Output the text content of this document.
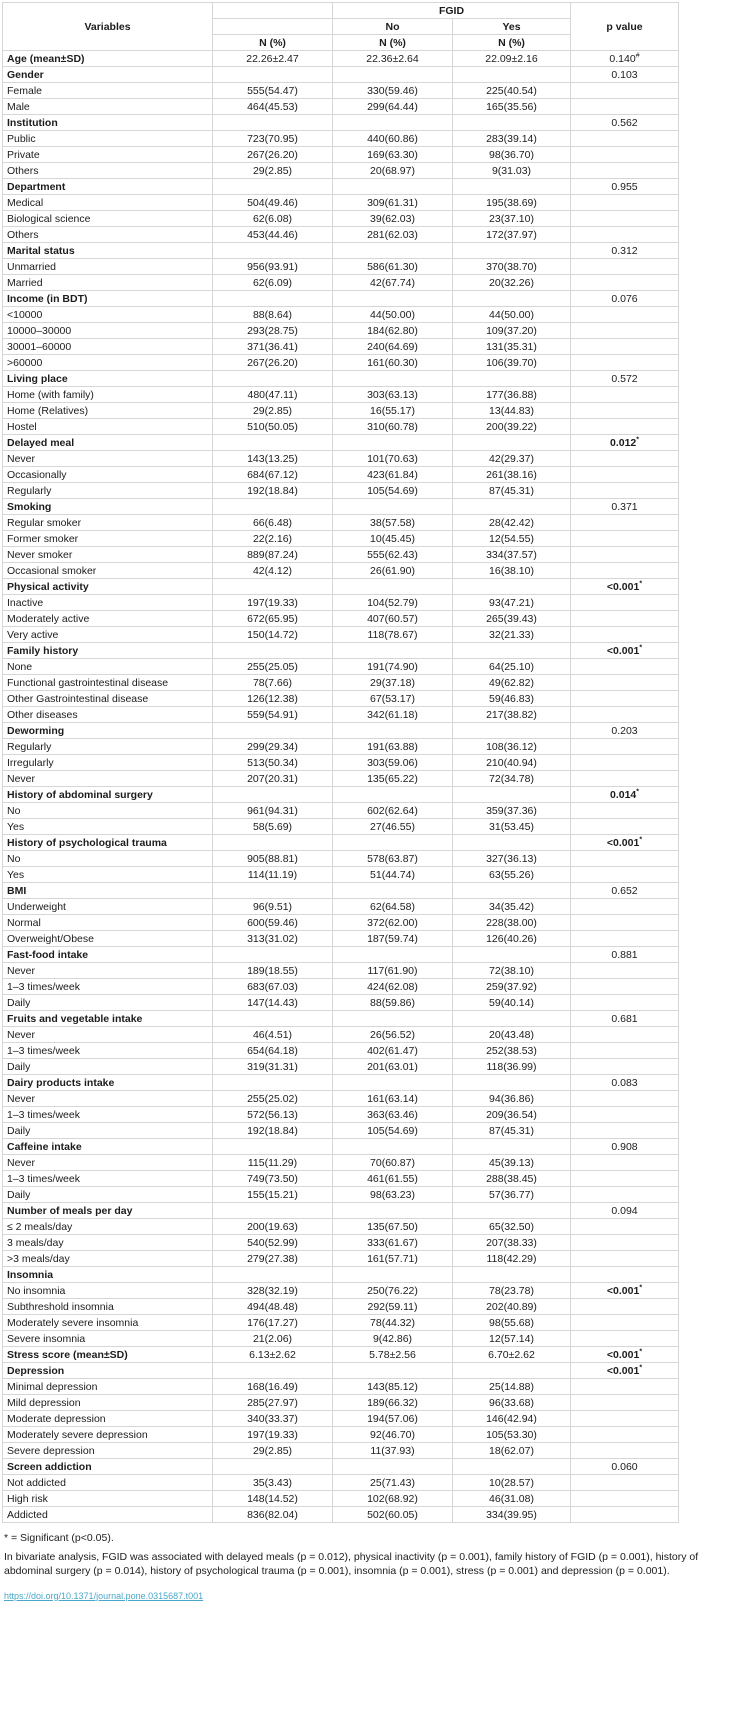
Variables		FGID		p value
		No	Yes	
	N (%)	N (%)	N (%)	
Age (mean±SD)	22.26±2.47	22.36±2.64	22.09±2.16	0.140#
Gender				0.103
Female	555(54.47)	330(59.46)	225(40.54)	
Male	464(45.53)	299(64.44)	165(35.56)	
Institution				0.562
Public	723(70.95)	440(60.86)	283(39.14)	
Private	267(26.20)	169(63.30)	98(36.70)	
Others	29(2.85)	20(68.97)	9(31.03)	
Department				0.955
Medical	504(49.46)	309(61.31)	195(38.69)	
Biological science	62(6.08)	39(62.03)	23(37.10)	
Others	453(44.46)	281(62.03)	172(37.97)	
Marital status				0.312
Unmarried	956(93.91)	586(61.30)	370(38.70)	
Married	62(6.09)	42(67.74)	20(32.26)	
Income (in BDT)				0.076
<10000	88(8.64)	44(50.00)	44(50.00)	
10000–30000	293(28.75)	184(62.80)	109(37.20)	
30001–60000	371(36.41)	240(64.69)	131(35.31)	
>60000	267(26.20)	161(60.30)	106(39.70)	
Living place				0.572
Home (with family)	480(47.11)	303(63.13)	177(36.88)	
Home (Relatives)	29(2.85)	16(55.17)	13(44.83)	
Hostel	510(50.05)	310(60.78)	200(39.22)	
Delayed meal				0.012*
Never	143(13.25)	101(70.63)	42(29.37)	
Occasionally	684(67.12)	423(61.84)	261(38.16)	
Regularly	192(18.84)	105(54.69)	87(45.31)	
Smoking				0.371
Regular smoker	66(6.48)	38(57.58)	28(42.42)	
Former smoker	22(2.16)	10(45.45)	12(54.55)	
Never smoker	889(87.24)	555(62.43)	334(37.57)	
Occasional smoker	42(4.12)	26(61.90)	16(38.10)	
Physical activity				<0.001*
Inactive	197(19.33)	104(52.79)	93(47.21)	
Moderately active	672(65.95)	407(60.57)	265(39.43)	
Very active	150(14.72)	118(78.67)	32(21.33)	
Family history				<0.001*
None	255(25.05)	191(74.90)	64(25.10)	
Functional gastrointestinal disease	78(7.66)	29(37.18)	49(62.82)	
Other Gastrointestinal disease	126(12.38)	67(53.17)	59(46.83)	
Other diseases	559(54.91)	342(61.18)	217(38.82)	
Deworming				0.203
Regularly	299(29.34)	191(63.88)	108(36.12)	
Irregularly	513(50.34)	303(59.06)	210(40.94)	
Never	207(20.31)	135(65.22)	72(34.78)	
History of abdominal surgery				0.014*
No	961(94.31)	602(62.64)	359(37.36)	
Yes	58(5.69)	27(46.55)	31(53.45)	
History of psychological trauma				<0.001*
No	905(88.81)	578(63.87)	327(36.13)	
Yes	114(11.19)	51(44.74)	63(55.26)	
BMI				0.652
Underweight	96(9.51)	62(64.58)	34(35.42)	
Normal	600(59.46)	372(62.00)	228(38.00)	
Overweight/Obese	313(31.02)	187(59.74)	126(40.26)	
Fast-food intake				0.881
Never	189(18.55)	117(61.90)	72(38.10)	
1–3 times/week	683(67.03)	424(62.08)	259(37.92)	
Daily	147(14.43)	88(59.86)	59(40.14)	
Fruits and vegetable intake				0.681
Never	46(4.51)	26(56.52)	20(43.48)	
1–3 times/week	654(64.18)	402(61.47)	252(38.53)	
Daily	319(31.31)	201(63.01)	118(36.99)	
Dairy products intake				0.083
Never	255(25.02)	161(63.14)	94(36.86)	
1–3 times/week	572(56.13)	363(63.46)	209(36.54)	
Daily	192(18.84)	105(54.69)	87(45.31)	
Caffeine intake				0.908
Never	115(11.29)	70(60.87)	45(39.13)	
1–3 times/week	749(73.50)	461(61.55)	288(38.45)	
Daily	155(15.21)	98(63.23)	57(36.77)	
Number of meals per day				0.094
≤ 2 meals/day	200(19.63)	135(67.50)	65(32.50)	
3 meals/day	540(52.99)	333(61.67)	207(38.33)	
>3 meals/day	279(27.38)	161(57.71)	118(42.29)	
Insomnia				
No insomnia	328(32.19)	250(76.22)	78(23.78)	<0.001*
Subthreshold insomnia	494(48.48)	292(59.11)	202(40.89)	
Moderately severe insomnia	176(17.27)	78(44.32)	98(55.68)	
Severe insomnia	21(2.06)	9(42.86)	12(57.14)	
Stress score (mean±SD)	6.13±2.62	5.78±2.56	6.70±2.62	<0.001*
Depression				<0.001*
Minimal depression	168(16.49)	143(85.12)	25(14.88)	
Mild depression	285(27.97)	189(66.32)	96(33.68)	
Moderate depression	340(33.37)	194(57.06)	146(42.94)	
Moderately severe depression	197(19.33)	92(46.70)	105(53.30)	
Severe depression	29(2.85)	11(37.93)	18(62.07)	
Screen addiction				0.060
Not addicted	35(3.43)	25(71.43)	10(28.57)	
High risk	148(14.52)	102(68.92)	46(31.08)	
Addicted	836(82.04)	502(60.05)	334(39.95)	

* = Significant (p<0.05).

In bivariate analysis, FGID was associated with delayed meals (p = 0.012), physical inactivity (p = 0.001), family history of FGID (p = 0.001), history of abdominal surgery (p = 0.014), history of psychological trauma (p = 0.001), insomnia (p = 0.001), stress (p = 0.001) and depression (p = 0.001).

https://doi.org/10.1371/journal.pone.0315687.t001
